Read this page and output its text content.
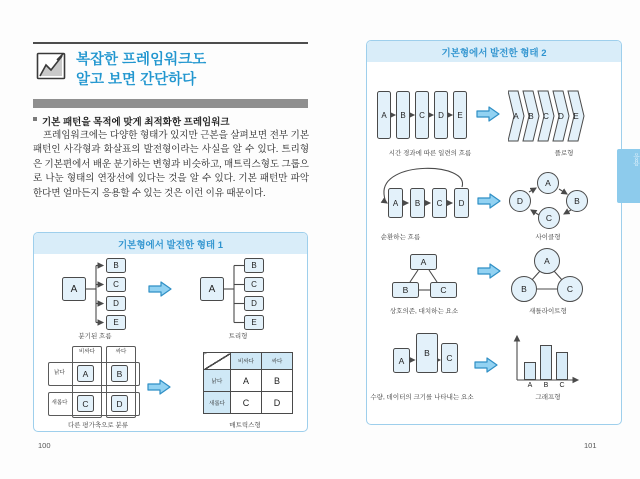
복잡한 프레임워크도
알고 보면 간단하다
기본 패턴을 목적에 맞게 최적화한 프레임워크
프레임워크에는 다양한 형태가 있지만 근본을 살펴보면 전부 기본 패턴인 사각형과 화살표의 발전형이라는 사실을 알 수 있다. 트리형은 기본편에서 배운 분기하는 변형과 비슷하고, 매트릭스형도 그룹으로 나눈 형태의 연장선에 있다는 것을 알 수 있다. 기본 패턴만 파악한다면 얼마든지 응용할 수 있는 것은 이런 이유 때문이다.
기본형에서 발전한 형태 1
A
B
C
D
E
분기된 흐름
A
B
C
D
E
트리형
비싸다	싸다
낡다
새롭다
A	B
C	D
다른 평가축으로 분류
	비싸다	싸다
낡다	A	B
새롭다	C	D
매트릭스형
100
기본형에서 발전한 형태 2
A	B	C	D	E
시간 경과에 따른 일련의 흐름
A	B	C	D	E
플로형
A	B	C	D
순환하는 흐름
A
B
C
D
사이클형
A
B	C
상호의존, 대치하는 요소
A
B	C
새틀라이트형
A
B	C
수량, 데이터의 크기를 나타내는 요소
A	B	C
그래프형
응용
101
